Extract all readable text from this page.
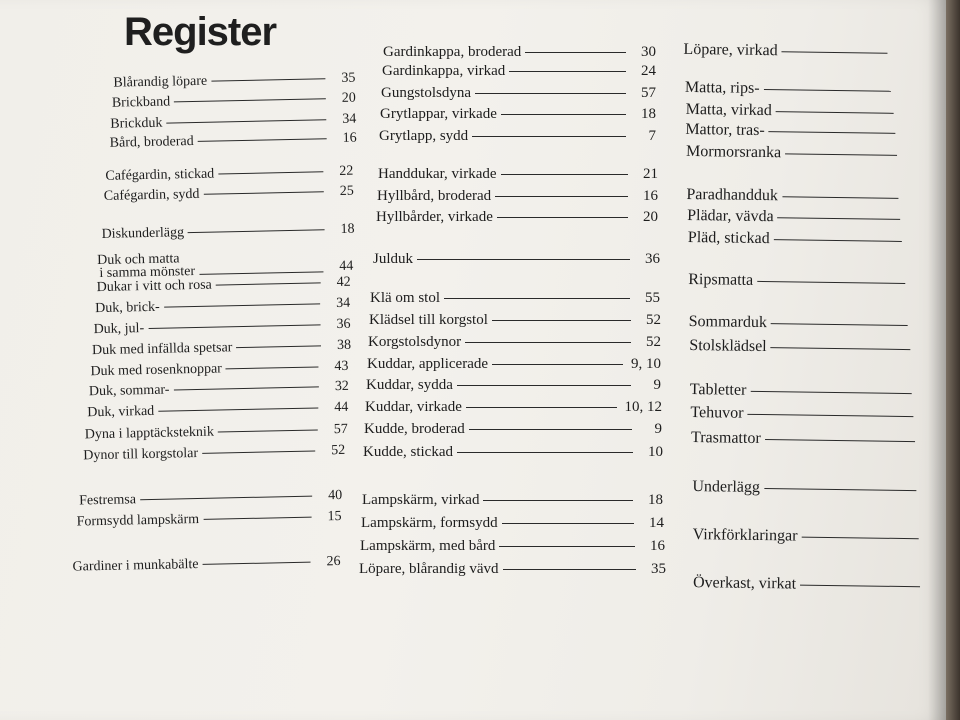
Register
Blårandig löpare	35
Brickband	20
Brickduk	34
Bård, broderad	16
Cafégardin, stickad	22
Cafégardin, sydd	25
Diskunderlägg	18
Duk och matta
i samma mönster	44
Dukar i vitt och rosa	42
Duk, brick-	34
Duk, jul-	36
Duk med infällda spetsar	38
Duk med rosenknoppar	43
Duk, sommar-	32
Duk, virkad	44
Dyna i lapptäcksteknik	57
Dynor till korgstolar	52
Festremsa	40
Formsydd lampskärm	15
Gardiner i munkabälte	26
Gardinkappa, broderad	30
Gardinkappa, virkad	24
Gungstolsdyna	57
Grytlappar, virkade	18
Grytlapp, sydd	7
Handdukar, virkade	21
Hyllbård, broderad	16
Hyllbårder, virkade	20
Julduk	36
Klä om stol	55
Klädsel till korgstol	52
Korgstolsdynor	52
Kuddar, applicerade	9, 10
Kuddar, sydda	9
Kuddar, virkade	10, 12
Kudde, broderad	9
Kudde, stickad	10
Lampskärm, virkad	18
Lampskärm, formsydd	14
Lampskärm, med bård	16
Löpare, blårandig vävd	35
Löpare, virkad
Matta, rips-
Matta, virkad
Mattor, tras-
Mormorsranka
Paradhandduk
Plädar, vävda
Pläd, stickad
Ripsmatta
Sommarduk
Stolsklädsel
Tabletter
Tehuvor
Trasmattor
Underlägg
Virkförklaringar
Överkast, virkat
